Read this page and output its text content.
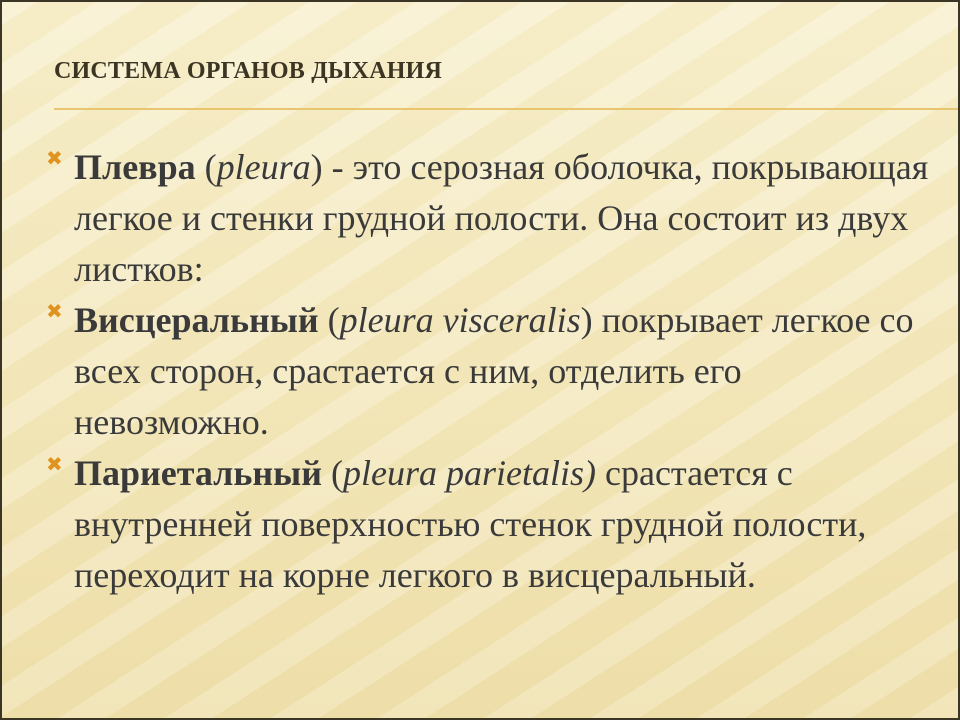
СИСТЕМА ОРГАНОВ ДЫХАНИЯ
✖ Плевра (pleura) - это серозная оболочка, покрывающая легкое и стенки грудной полости. Она состоит из двух листков:
✖ Висцеральный (pleura visceralis) покрывает легкое со всех сторон, срастается с ним, отделить его невозможно.
✖ Париетальный (pleura parietalis) срастается с внутренней поверхностью стенок грудной полости, переходит на корне легкого в висцеральный.
